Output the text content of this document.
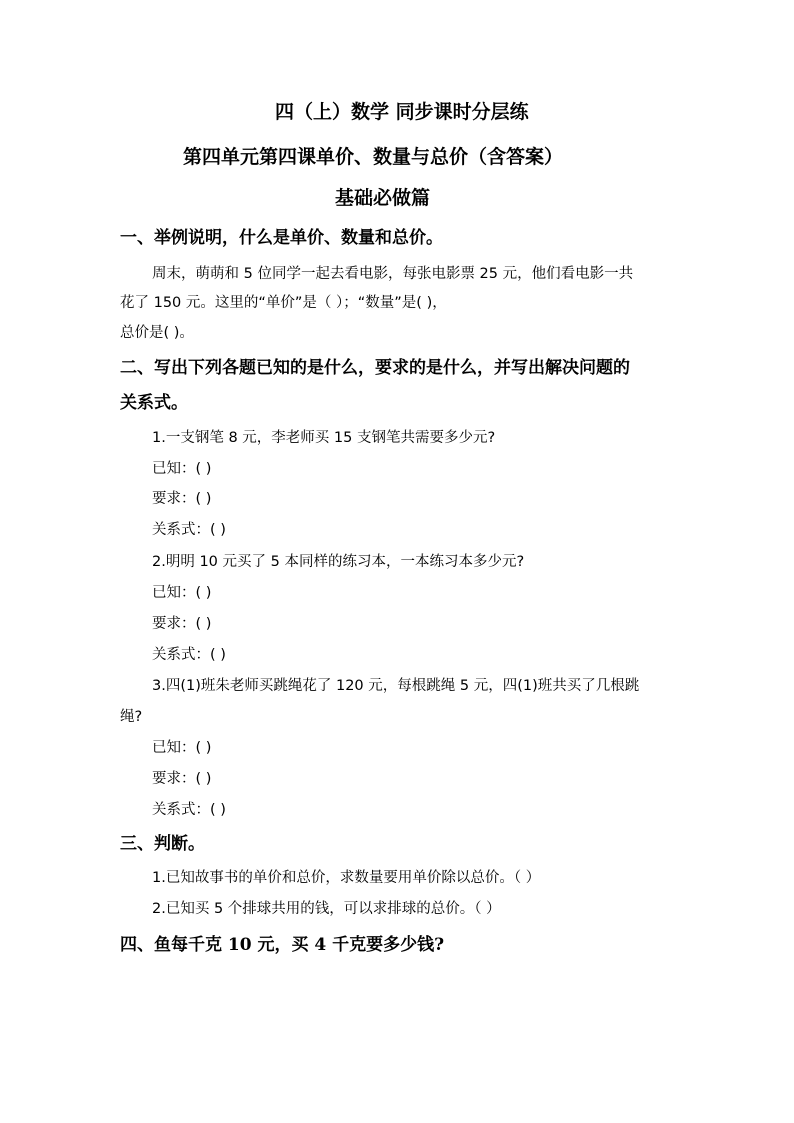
四（上）数学 同步课时分层练
第四单元第四课单价、数量与总价（含答案）
基础必做篇
一、举例说明，什么是单价、数量和总价。
周末，萌萌和 5 位同学一起去看电影，每张电影票 25 元，他们看电影一共
花了 150 元。这里的“单价”是（ ）；“数量”是( )，
总价是( )。
二、写出下列各题已知的是什么，要求的是什么，并写出解决问题的
关系式。
1.一支钢笔 8 元，李老师买 15 支钢笔共需要多少元?
已知：( )
要求：( )
关系式：( )
2.明明 10 元买了 5 本同样的练习本，一本练习本多少元?
已知：( )
要求：( )
关系式：( )
3.四(1)班朱老师买跳绳花了 120 元，每根跳绳 5 元，四(1)班共买了几根跳
绳?
已知：( )
要求：( )
关系式：( )
三、判断。
1.已知故事书的单价和总价，求数量要用单价除以总价。（ ）
2.已知买 5 个排球共用的钱，可以求排球的总价。（ ）
四、鱼每千克 10 元，买 4 千克要多少钱?
